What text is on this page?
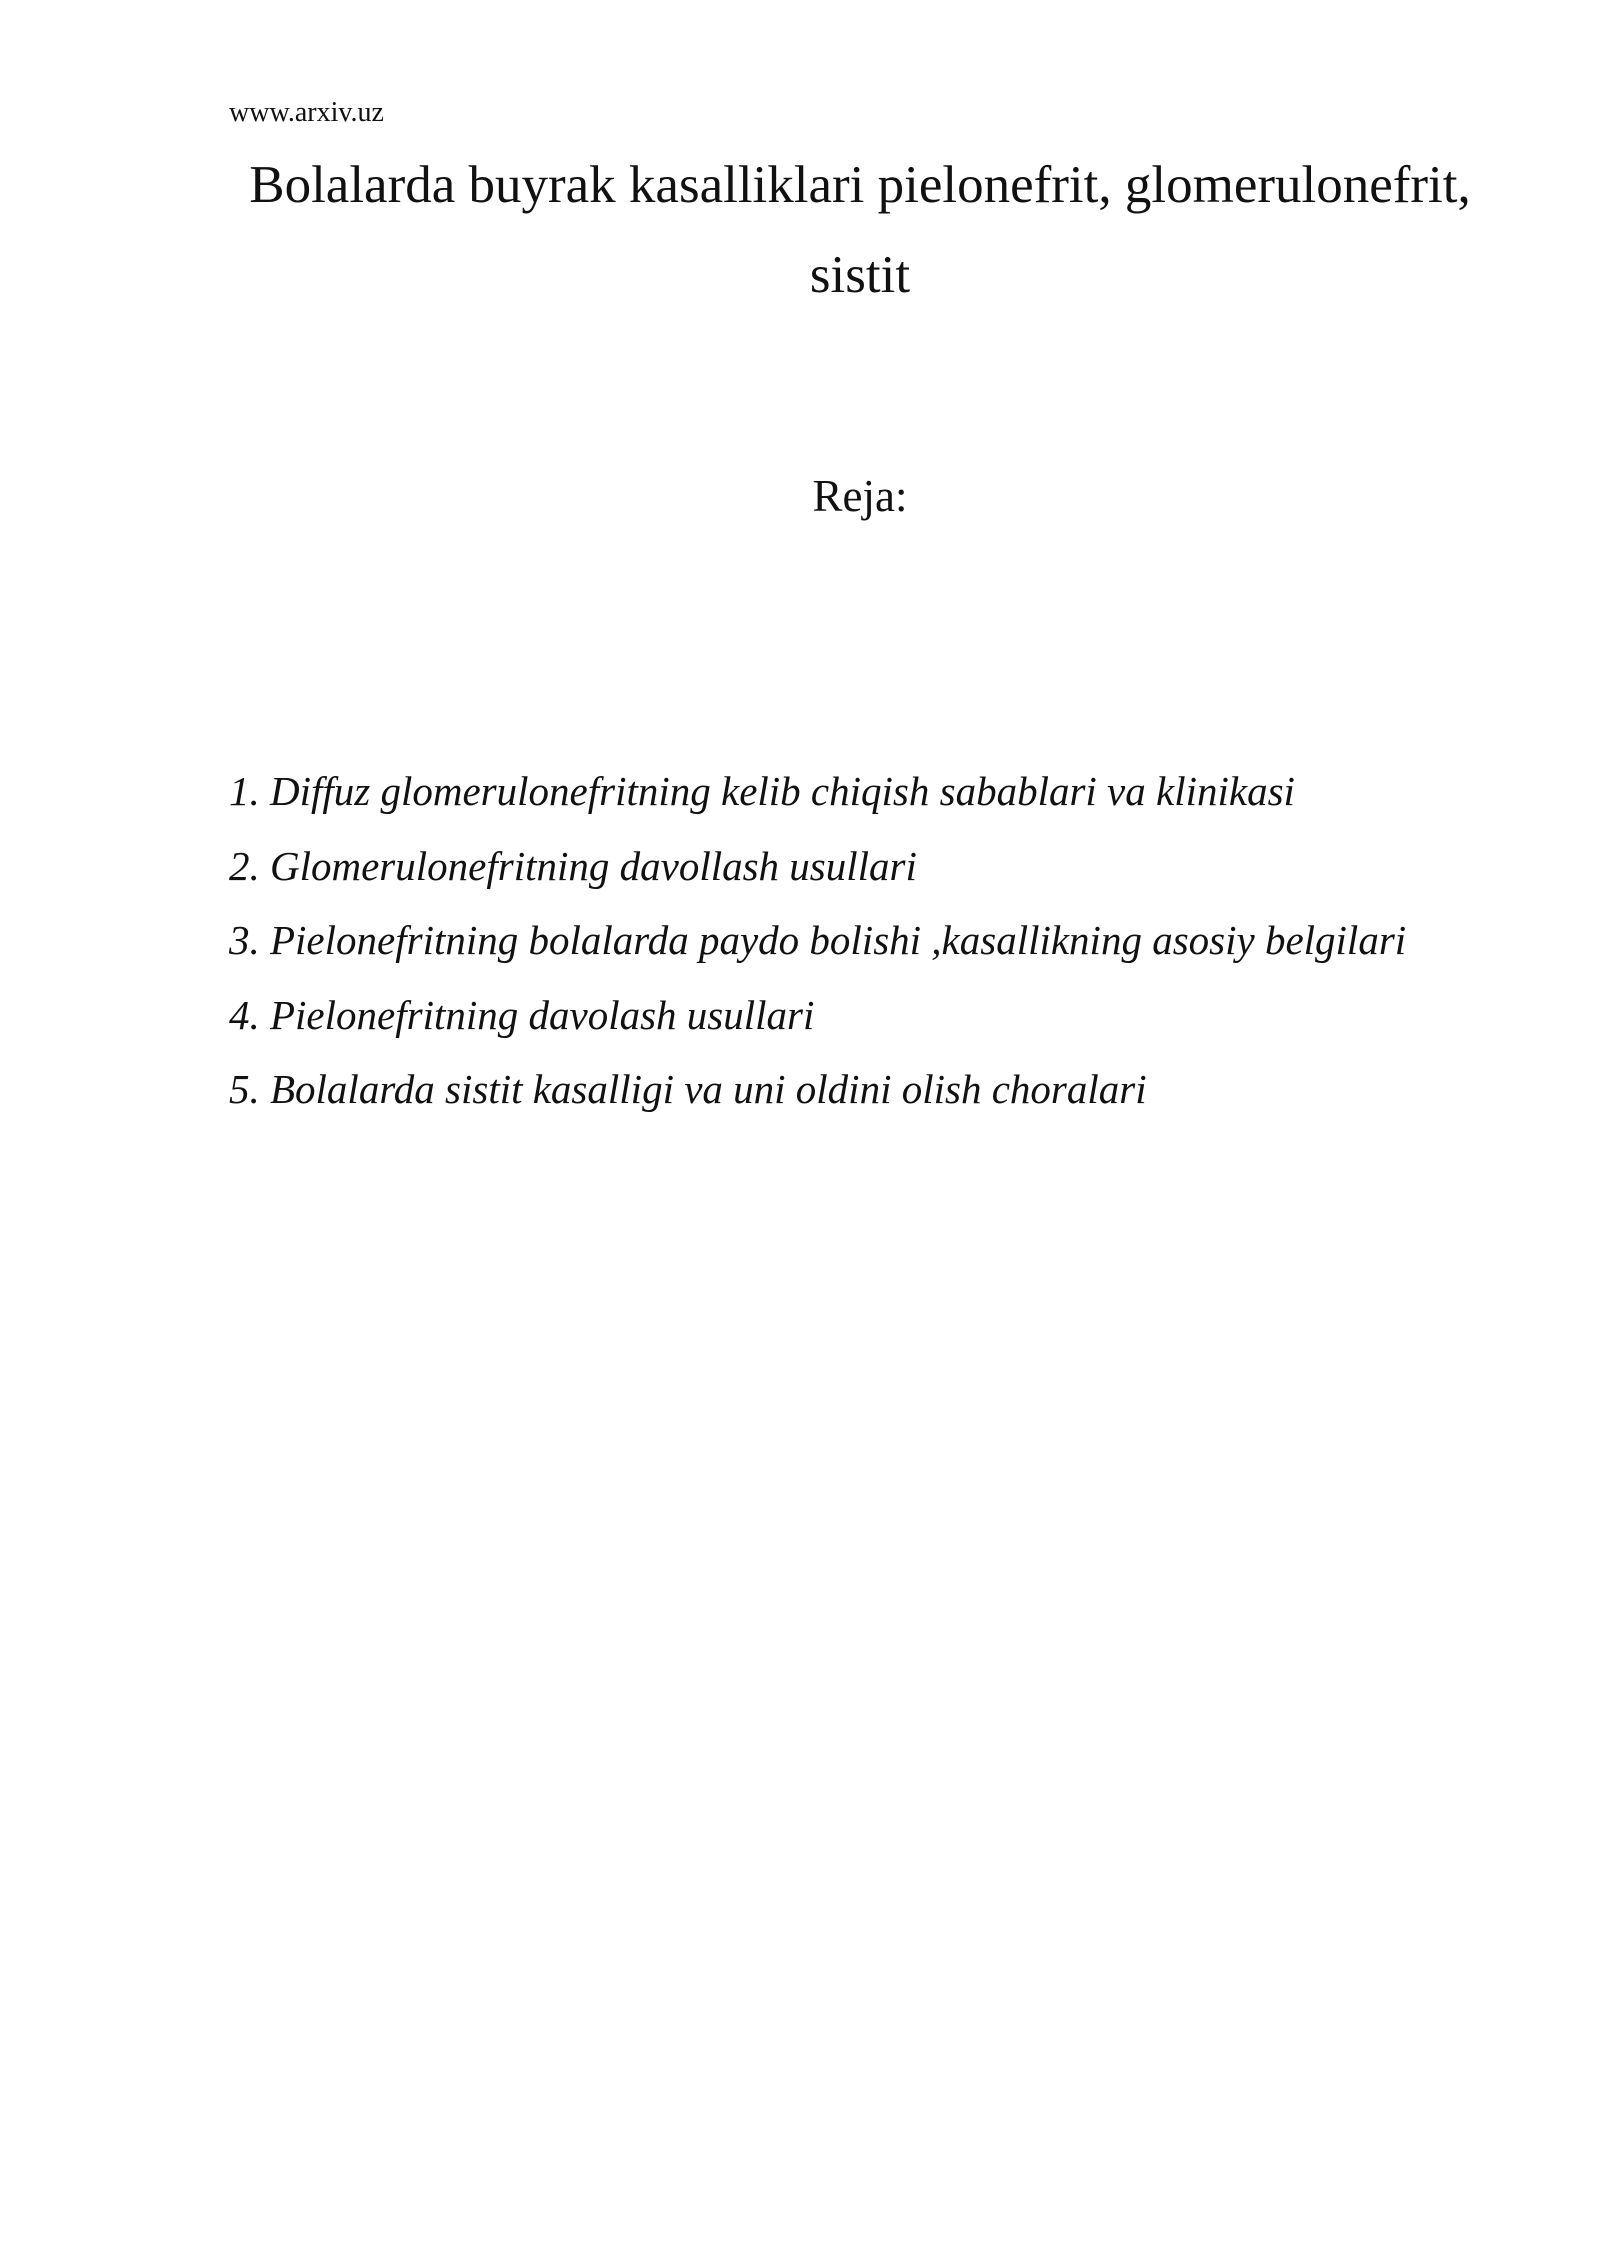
www.arxiv.uz
Bolalarda buyrak kasalliklari pielonefrit, glomerulonefrit,
sistit
Reja:
1. Diffuz glomerulonefritning kelib chiqish sabablari va klinikasi
2. Glomerulonefritning davollash usullari
3. Pielonefritning bolalarda paydo bolishi ,kasallikning asosiy belgilari
4. Pielonefritning davolash usullari
5. Bolalarda sistit kasalligi va uni oldini olish choralari
